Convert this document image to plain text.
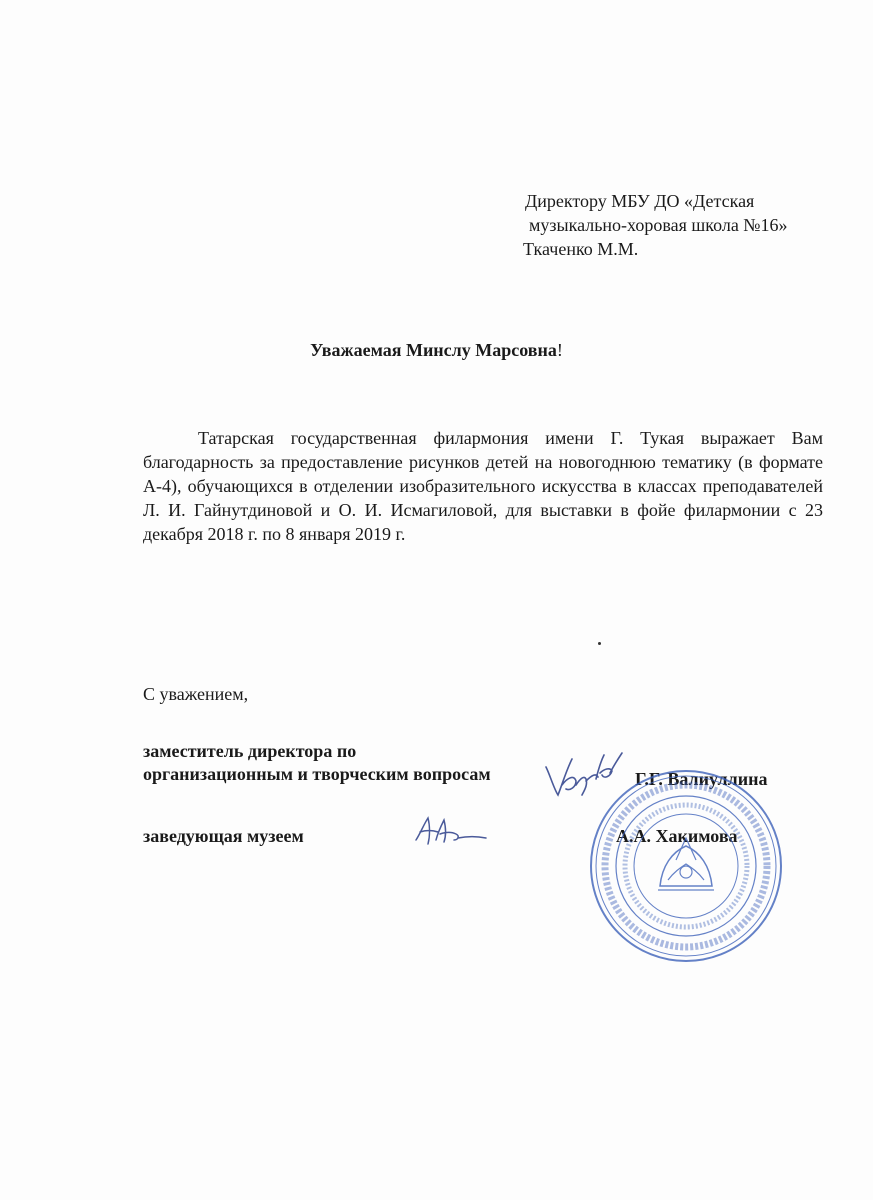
Директору МБУ ДО «Детская
музыкально-хоровая школа №16»
Ткаченко М.М.
Уважаемая Минслу Марсовна!
Татарская государственная филармония имени Г. Тукая выражает Вам благодарность за предоставление рисунков детей на новогоднюю тематику (в формате А-4), обучающихся в отделении изобразительного искусства в классах преподавателей Л. И. Гайнутдиновой и О. И. Исмагиловой, для выставки в фойе филармонии с 23 декабря 2018 г. по 8 января 2019 г.
С уважением,
заместитель директора по
организационным и творческим вопросам	Г.Г. Валиуллина
заведующая музеем	А.А. Хакимова
